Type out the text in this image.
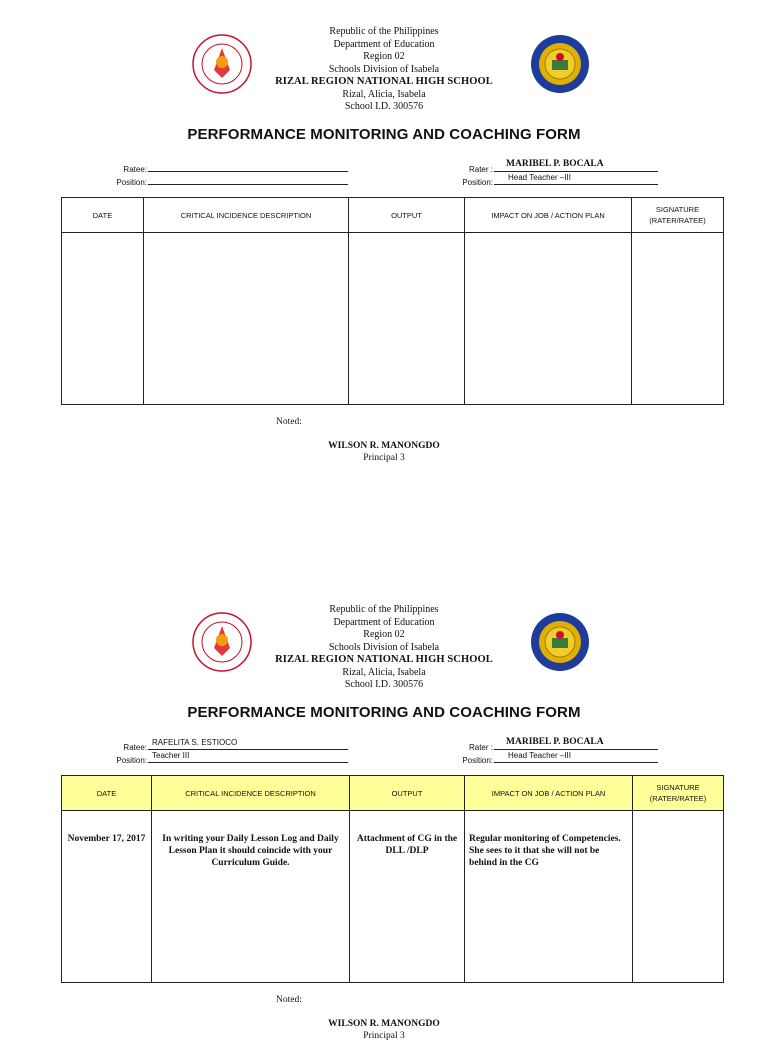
Republic of the Philippines
Department of Education
Region 02
Schools Division of Isabela
RIZAL REGION NATIONAL HIGH SCHOOL
Rizal, Alicia, Isabela
School I.D. 300576
PERFORMANCE MONITORING AND COACHING FORM
Ratee:
Position:
Rater :
MARIBEL P. BOCALA
Position:
Head Teacher –III
DATE	CRITICAL INCIDENCE DESCRIPTION	OUTPUT	IMPACT ON JOB / ACTION PLAN	SIGNATURE (RATER/RATEE)

Noted:
WILSON R. MANONGDO
Principal 3
Republic of the Philippines
Department of Education
Region 02
Schools Division of Isabela
RIZAL REGION NATIONAL HIGH SCHOOL
Rizal, Alicia, Isabela
School I.D. 300576
PERFORMANCE MONITORING AND COACHING FORM
Ratee:
RAFELITA S. ESTIOCO
Position:
Teacher III
Rater :
MARIBEL P. BOCALA
Position:
Head Teacher –III
DATE	CRITICAL INCIDENCE DESCRIPTION	OUTPUT	IMPACT ON JOB / ACTION PLAN	SIGNATURE (RATER/RATEE)
November 17, 2017	In writing your Daily Lesson Log and Daily Lesson Plan it should coincide with your Curriculum Guide.	Attachment of CG in the DLL /DLP	Regular monitoring of Competencies. She sees to it that she will not be behind in the CG	
Noted:
WILSON R. MANONGDO
Principal 3
